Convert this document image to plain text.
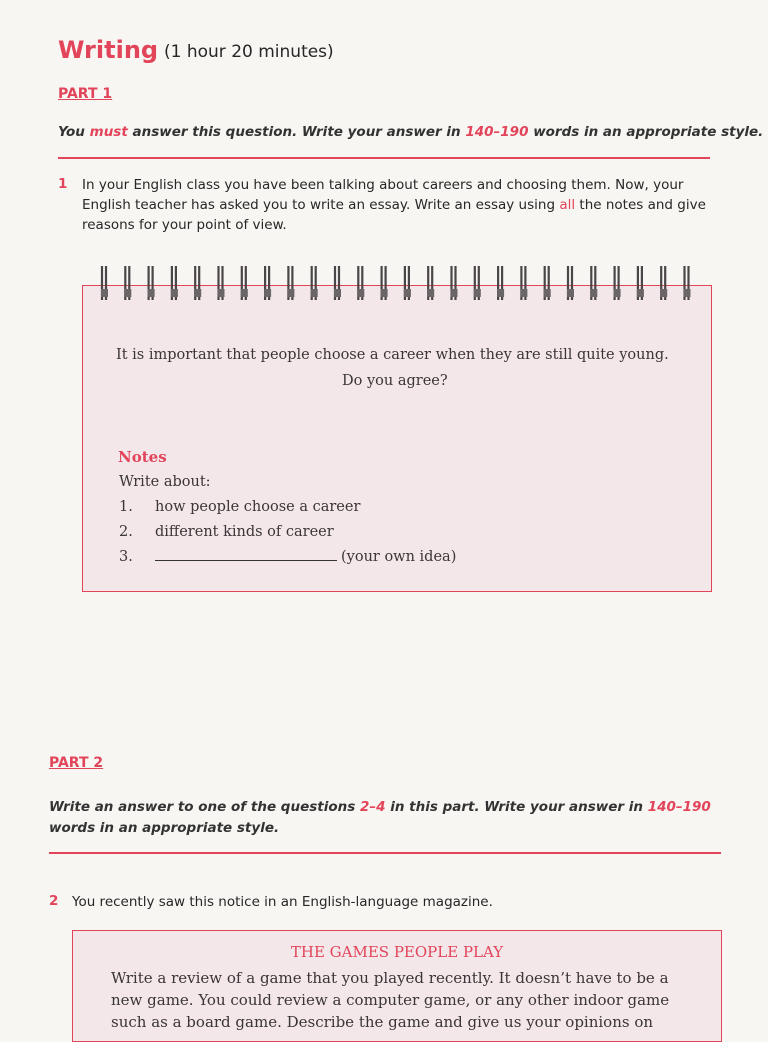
Writing (1 hour 20 minutes)
PART 1
You must answer this question. Write your answer in 140–190 words in an appropriate style.
1 In your English class you have been talking about careers and choosing them. Now, your
English teacher has asked you to write an essay. Write an essay using all the notes and give
reasons for your point of view.
It is important that people choose a career when they are still quite young.
Do you agree?
Notes
Write about:
1. how people choose a career
2. different kinds of career
3.	(your own idea)
PART 2
Write an answer to one of the questions 2–4 in this part. Write your answer in 140–190
words in an appropriate style.
2 You recently saw this notice in an English-language magazine.
THE GAMES PEOPLE PLAY
Write a review of a game that you played recently. It doesn’t have to be a
new game. You could review a computer game, or any other indoor game
such as a board game. Describe the game and give us your opinions on
